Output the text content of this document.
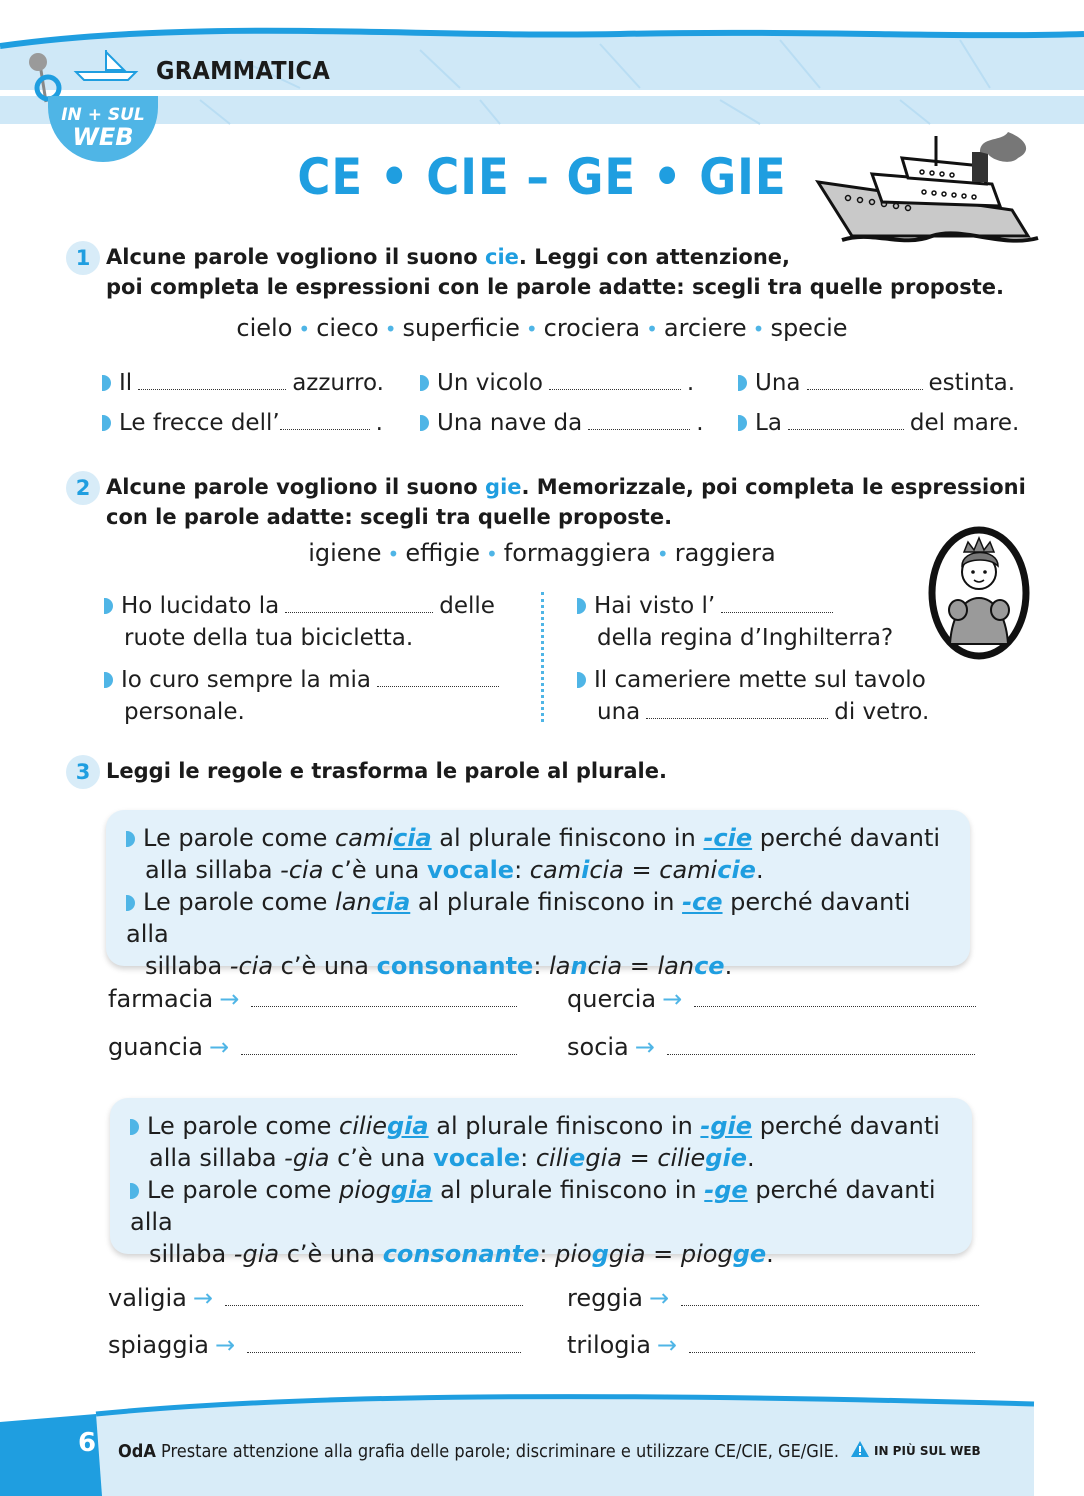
GRAMMATICA
IN + SUL
WEB
CE • CIE – GE • GIE
1 Alcune parole vogliono il suono cie. Leggi con attenzione,
poi completa le espressioni con le parole adatte: scegli tra quelle proposte.
cielo • cieco • superficie • crociera • arciere • specie
Il	azzurro.	Un vicolo	.	Una	estinta.
Le frecce dell’	.	Una nave da	.	La	del mare.
2 Alcune parole vogliono il suono gie. Memorizzale, poi completa le espressioni
con le parole adatte: scegli tra quelle proposte.
igiene • effigie • formaggiera • raggiera
Ho lucidato la	delle
ruote della tua bicicletta.
Io curo sempre la mia
personale.
Hai visto l’
della regina d’Inghilterra?
Il cameriere mette sul tavolo
una	di vetro.
3 Leggi le regole e trasforma le parole al plurale.
Le parole come camicia al plurale finiscono in -cie perché davanti
alla sillaba -cia c’è una vocale: camicia = camicie.
Le parole come lancia al plurale finiscono in -ce perché davanti alla
sillaba -cia c’è una consonante: lancia = lance.
farmacia →	quercia →
guancia →	socia →
Le parole come ciliegia al plurale finiscono in -gie perché davanti
alla sillaba -gia c’è una vocale: ciliegia = ciliegie.
Le parole come pioggia al plurale finiscono in -ge perché davanti alla
sillaba -gia c’è una consonante: pioggia = piogge.
valigia →	reggia →
spiaggia →	trilogia →
6 OdA Prestare attenzione alla grafia delle parole; discriminare e utilizzare CE/CIE, GE/GIE.	IN PIÙ SUL WEB
